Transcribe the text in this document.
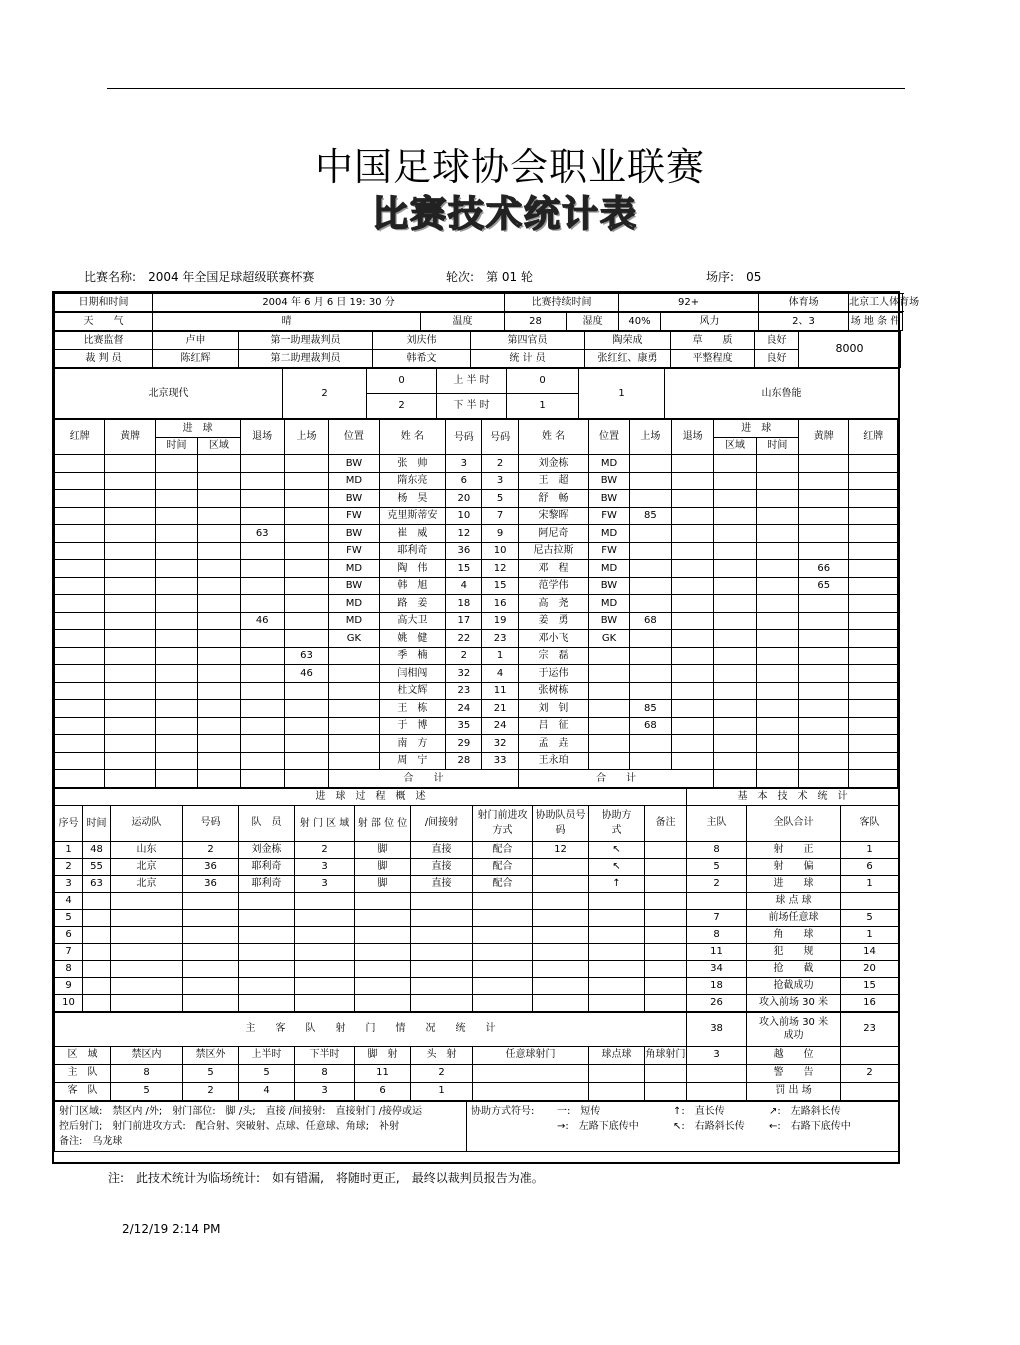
中国足球协会职业联赛
比赛技术统计表
比赛名称:　 2004 年全国足球超级联赛杯赛	轮次:　 第 01 轮	场序:　 05
日期和时间	2004 年 6 月 6 日 19: 30 分	比赛持续时间	92+	体育场	北京工人体育场
天　　气	晴	温度	28	湿度	40%	风力	2、3	场 地 条 件
比赛监督	卢申	第一助理裁判员	刘庆伟	第四官员	陶荣成	草　　质	良好	8000
裁 判 员	陈红辉	第二助理裁判员	韩希文	统 计 员	张红红、康勇	平整程度	良好	
北京现代	2	0	上 半 时	0	1	山东鲁能
		2	下 半 时	1		
红牌	黄牌	进　球		退场	上场	位置	姓 名	号码	号码	姓 名	位置	上场	退场	进　球		黄牌	红牌
		时间	区域											区域	时间		
						BW	张　帅	3	2	刘金栋	MD						
						MD	隋东亮	6	3	王　超	BW						
						BW	杨　昊	20	5	舒　畅	BW						
						FW	克里斯蒂安	10	7	宋黎晖	FW	85					
				63		BW	崔　威	12	9	阿尼奇	MD						
						FW	耶利奇	36	10	尼古拉斯	FW						
						MD	陶　伟	15	12	邓　程	MD					66	
						BW	韩　旭	4	15	范学伟	BW					65	
						MD	路　姜	18	16	高　尧	MD						
				46		MD	高大卫	17	19	姜　勇	BW	68					
						GK	姚　健	22	23	邓小飞	GK						
					63		季　楠	2	1	宗　磊							
					46		闫相闯	32	4	于运伟							
							杜文辉	23	11	张树栋							
							王　栋	24	21	刘　钊		85					
							于　博	35	24	吕　征		68					
							南　方	29	32	孟　垚							
							周　宁	28	33	王永珀							
						合　　计				合　　计							
进　球　过　程　概　述												基　本　技　术　统　计		
序号	时间	运动队	号码	队　员	射 门 区 域	射 部 位 位	/间接射	射门前进攻方式	协助队员号码	协助方式	备注	主队	全队合计	客队
1	48	山东	2	刘金栋	2	脚	直接	配合	12	↖		8	射　　正	1
2	55	北京	36	耶利奇	3	脚	直接	配合		↖		5	射　　偏	6
3	63	北京	36	耶利奇	3	脚	直接	配合		↑		2	进　　球	1
4													球 点 球	
5												7	前场任意球	5
6												8	角　　球	1
7												11	犯　　规	14
8												34	抢　　截	20
9												18	抢截成功	15
10												26	攻入前场 30 米	16
主　　客　　队　　射　　门　　情　　况　　统　　计										38	攻入前场 30 米成功	23
区　域	禁区内	禁区外	上半时	下半时	脚　射	头　射	任意球射门	球点球	角球射门	3	越　　位	
主　队	8	5	5	8	11	2					警　　告	2
客　队	5	2	4	3	6	1					罚 出 场	
射门区域:　禁区内 /外;　射门部位:　脚 /头;　直接 /间接射:　直接射门 /接停或运
控后射门;　射门前进攻方式:　配合射、突破射、点球、任意球、角球;　补射
备注:　乌龙球

协助方式符号:	一:　短传	↑:　直长传	↗:　左路斜长传
→:　左路下底传中	↖:　右路斜长传	←:　右路下底传中
注:　此技术统计为临场统计:　如有错漏,　将随时更正,　最终以裁判员报告为准。
2/12/19 2:14 PM
